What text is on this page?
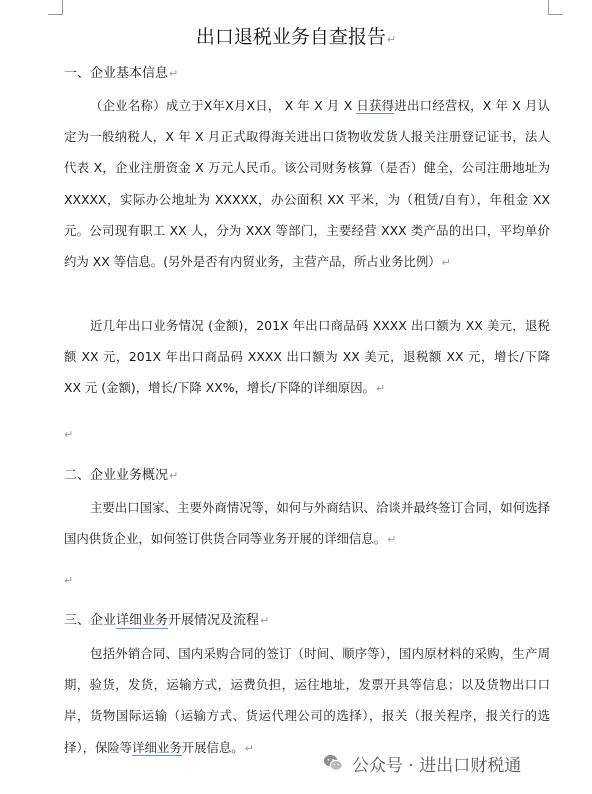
出口退税业务自查报告↵
一、企业基本信息↵
（企业名称）成立于X年X月X日， X 年 X 月 X 日获得进出口经营权，X 年 X 月认定为一般纳税人，X 年 X 月正式取得海关进出口货物收发货人报关注册登记证书，法人代表 X，企业注册资金 X 万元人民币。该公司财务核算（是否）健全，公司注册地址为 XXXXX，实际办公地址为 XXXXX，办公面积 XX 平米，为（租赁/自有），年租金 XX 元。公司现有职工 XX 人，分为 XXX 等部门，主要经营 XXX 类产品的出口，平均单价约为 XX 等信息。(另外是否有内贸业务，主营产品，所占业务比例）↵
近几年出口业务情况 (金额)，201X 年出口商品码 XXXX 出口额为 XX 美元，退税额 XX 元，201X 年出口商品码 XXXX 出口额为 XX 美元，退税额 XX 元，增长/下降 XX 元 (金额)，增长/下降 XX%，增长/下降的详细原因。↵
↵
二、企业业务概况↵
主要出口国家、主要外商情况等，如何与外商结识、洽谈并最终签订合同，如何选择国内供货企业，如何签订供货合同等业务开展的详细信息。↵
↵
三、企业详细业务开展情况及流程↵
包括外销合同、国内采购合同的签订（时间、顺序等），国内原材料的采购，生产周期，验货，发货，运输方式，运费负担，运往地址，发票开具等信息；以及货物出口口岸，货物国际运输（运输方式、货运代理公司的选择），报关（报关程序，报关行的选择），保险等详细业务开展信息。↵
公众号 · 进出口财税通
